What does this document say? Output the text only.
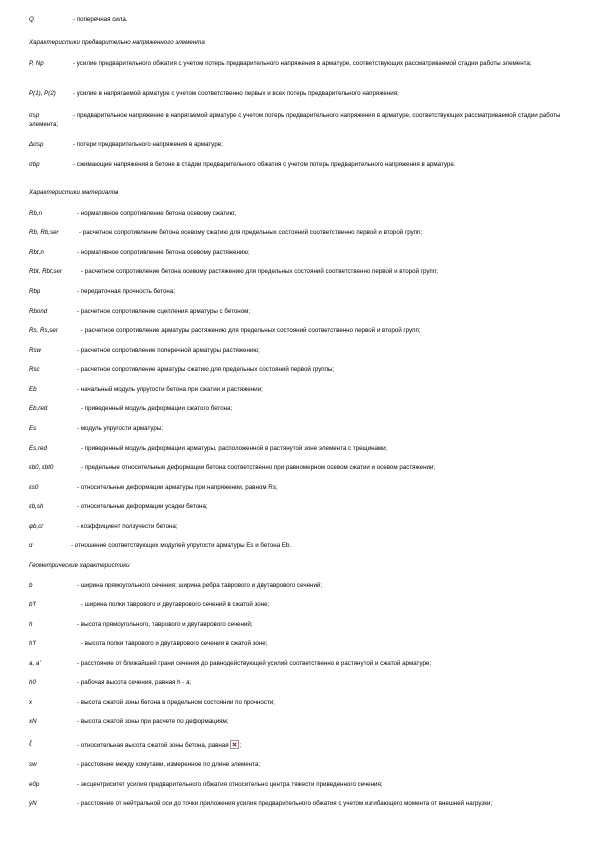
Q	- поперечная сила.
Характеристики предварительно напряженного элемента
P, Np	- усилие предварительного обжатия с учетом потерь предварительного напряжения в арматуре, соответствующих рассматриваемой стадии работы элемента;
P(1), P(2)	- усилие в напрягаемой арматуре с учетом соответственно первых и всех потерь предварительного напряжения;
σsp	- предварительное напряжение в напрягаемой арматуре с учетом потерь предварительного напряжения в арматуре, соответствующих рассматриваемой стадии работы элемента;
Δσsp	- потери предварительного напряжения в арматуре;
σbp	- сжимающие напряжения в бетоне в стадии предварительного обжатия с учетом потерь предварительного напряжения в арматуре.
Характеристики материалов
Rb,n	- нормативное сопротивление бетона осевому сжатию;
Rb, Rb,ser	- расчетное сопротивление бетона осевому сжатию для предельных состояний соответственно первой и второй групп;
Rbt,n	- нормативное сопротивление бетона осевому растяжению;
Rbt, Rbt,ser	- расчетное сопротивление бетона осевому растяжению для предельных состояний соответственно первой и второй групп;
Rbp	- передаточная прочность бетона;
Rbond	- расчетное сопротивление сцепления арматуры с бетоном;
Rs, Rs,ser	- расчетное сопротивление арматуры растяжению для предельных состояний соответственно первой и второй групп;
Rsw	- расчетное сопротивление поперечной арматуры растяжению;
Rsc	- расчетное сопротивление арматуры сжатию для предельных состояний первой группы;
Eb	- начальный модуль упругости бетона при сжатии и растяжении;
Eb,red	- приведенный модуль деформации сжатого бетона;
Es	- модуль упругости арматуры;
Es,red	- приведенный модуль деформации арматуры, расположенной в растянутой зоне элемента с трещинами;
εb0, εbt0	- предельные относительные деформации бетона соответственно при равномерном осевом сжатии и осевом растяжении;
εs0	- относительные деформации арматуры при напряжении, равном Rs;
εb,sh	- относительные деформации усадки бетона;
φb,cr	- коэффициент ползучести бетона;
α	- отношение соответствующих модулей упругости арматуры Es и бетона Eb.
Геометрические характеристики
b	- ширина прямоугольного сечения; ширина ребра таврового и двутаврового сечений;
b'f	- ширина полки таврового и двутаврового сечений в сжатой зоне;
h	- высота прямоугольного, таврового и двутаврового сечений;
h'f	- высота полки таврового и двутаврового сечения в сжатой зоне;
a, a'	- расстояние от ближайшей грани сечения до равнодействующей усилий соответственно в растянутой и сжатой арматуре;
h0	- рабочая высота сечения, равная h - a;
x	- высота сжатой зоны бетона в предельном состоянии по прочности;
xN	- высота сжатой зоны при расчете по деформациям;
ξ	- относительная высота сжатой зоны бетона, равная ;
sw	- расстояние между хомутами, измеренное по длине элемента;
e0p	- эксцентриситет усилия предварительного обжатия относительно центра тяжести приведенного сечения;
yN	- расстояние от нейтральной оси до точки приложения усилия предварительного обжатия с учетом изгибающего момента от внешней нагрузки;
